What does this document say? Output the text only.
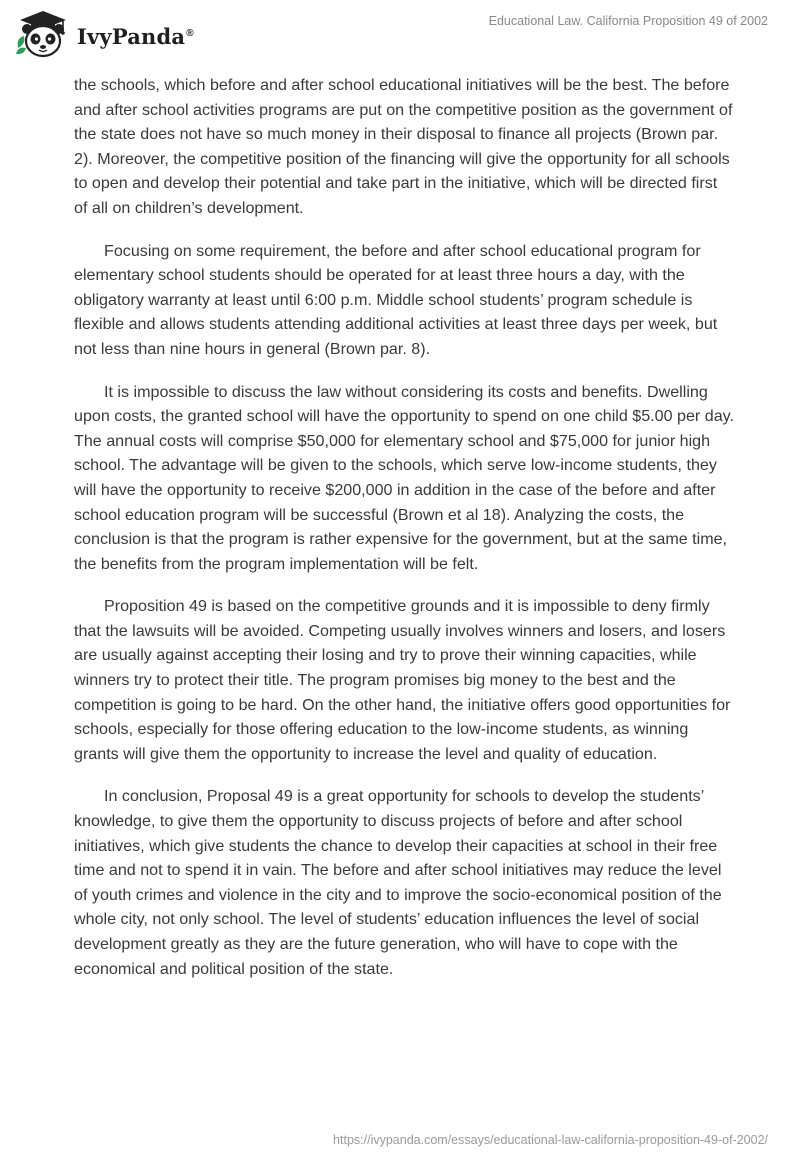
IvyPanda®
Educational Law. California Proposition 49 of 2002

the schools, which before and after school educational initiatives will be the best. The before and after school activities programs are put on the competitive position as the government of the state does not have so much money in their disposal to finance all projects (Brown par. 2). Moreover, the competitive position of the financing will give the opportunity for all schools to open and develop their potential and take part in the initiative, which will be directed first of all on children’s development.

Focusing on some requirement, the before and after school educational program for elementary school students should be operated for at least three hours a day, with the obligatory warranty at least until 6:00 p.m. Middle school students’ program schedule is flexible and allows students attending additional activities at least three days per week, but not less than nine hours in general (Brown par. 8).

It is impossible to discuss the law without considering its costs and benefits. Dwelling upon costs, the granted school will have the opportunity to spend on one child $5.00 per day. The annual costs will comprise $50,000 for elementary school and $75,000 for junior high school. The advantage will be given to the schools, which serve low-income students, they will have the opportunity to receive $200,000 in addition in the case of the before and after school education program will be successful (Brown et al 18). Analyzing the costs, the conclusion is that the program is rather expensive for the government, but at the same time, the benefits from the program implementation will be felt.

Proposition 49 is based on the competitive grounds and it is impossible to deny firmly that the lawsuits will be avoided. Competing usually involves winners and losers, and losers are usually against accepting their losing and try to prove their winning capacities, while winners try to protect their title. The program promises big money to the best and the competition is going to be hard. On the other hand, the initiative offers good opportunities for schools, especially for those offering education to the low-income students, as winning grants will give them the opportunity to increase the level and quality of education.

In conclusion, Proposal 49 is a great opportunity for schools to develop the students’ knowledge, to give them the opportunity to discuss projects of before and after school initiatives, which give students the chance to develop their capacities at school in their free time and not to spend it in vain. The before and after school initiatives may reduce the level of youth crimes and violence in the city and to improve the socio-economical position of the whole city, not only school. The level of students’ education influences the level of social development greatly as they are the future generation, who will have to cope with the economical and political position of the state.

https://ivypanda.com/essays/educational-law-california-proposition-49-of-2002/
